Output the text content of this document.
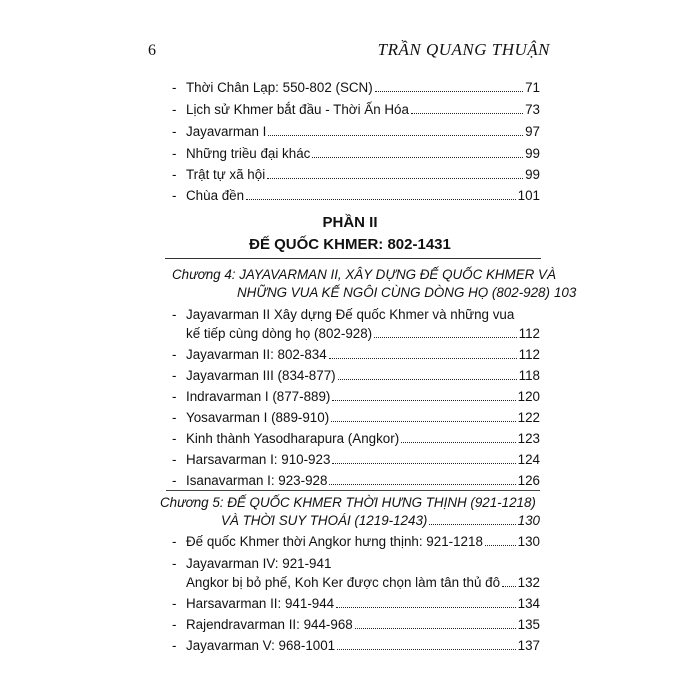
6	TRẦN QUANG THUẬN
- Thời Chân Lạp: 550-802 (SCN)	71
- Lịch sử Khmer bắt đầu - Thời Ấn Hóa	73
- Jayavarman I	97
- Những triều đại khác	99
- Trật tự xã hội	99
- Chùa đền	101
PHẦN II
ĐẾ QUỐC KHMER: 802-1431
Chương 4: JAYAVARMAN II, XÂY DỰNG ĐẾ QUỐC KHMER VÀ
NHỮNG VUA KẾ NGÔI CÙNG DÒNG HỌ (802-928) 103
- Jayavarman II Xây dựng Đế quốc Khmer và những vua
kế tiếp cùng dòng họ (802-928)	112
- Jayavarman II: 802-834	112
- Jayavarman III (834-877)	118
- Indravarman I (877-889)	120
- Yosavarman I (889-910)	122
- Kinh thành Yasodharapura (Angkor)	123
- Harsavarman I: 910-923	124
- Isanavarman I: 923-928	126
Chương 5: ĐẾ QUỐC KHMER THỜI HƯNG THỊNH (921-1218)
VÀ THỜI SUY THOÁI (1219-1243)	130
- Đế quốc Khmer thời Angkor hưng thịnh: 921-1218	130
- Jayavarman IV: 921-941
Angkor bị bỏ phế, Koh Ker được chọn làm tân thủ đô 132
- Harsavarman II: 941-944	134
- Rajendravarman II: 944-968	135
- Jayavarman V: 968-1001	137
